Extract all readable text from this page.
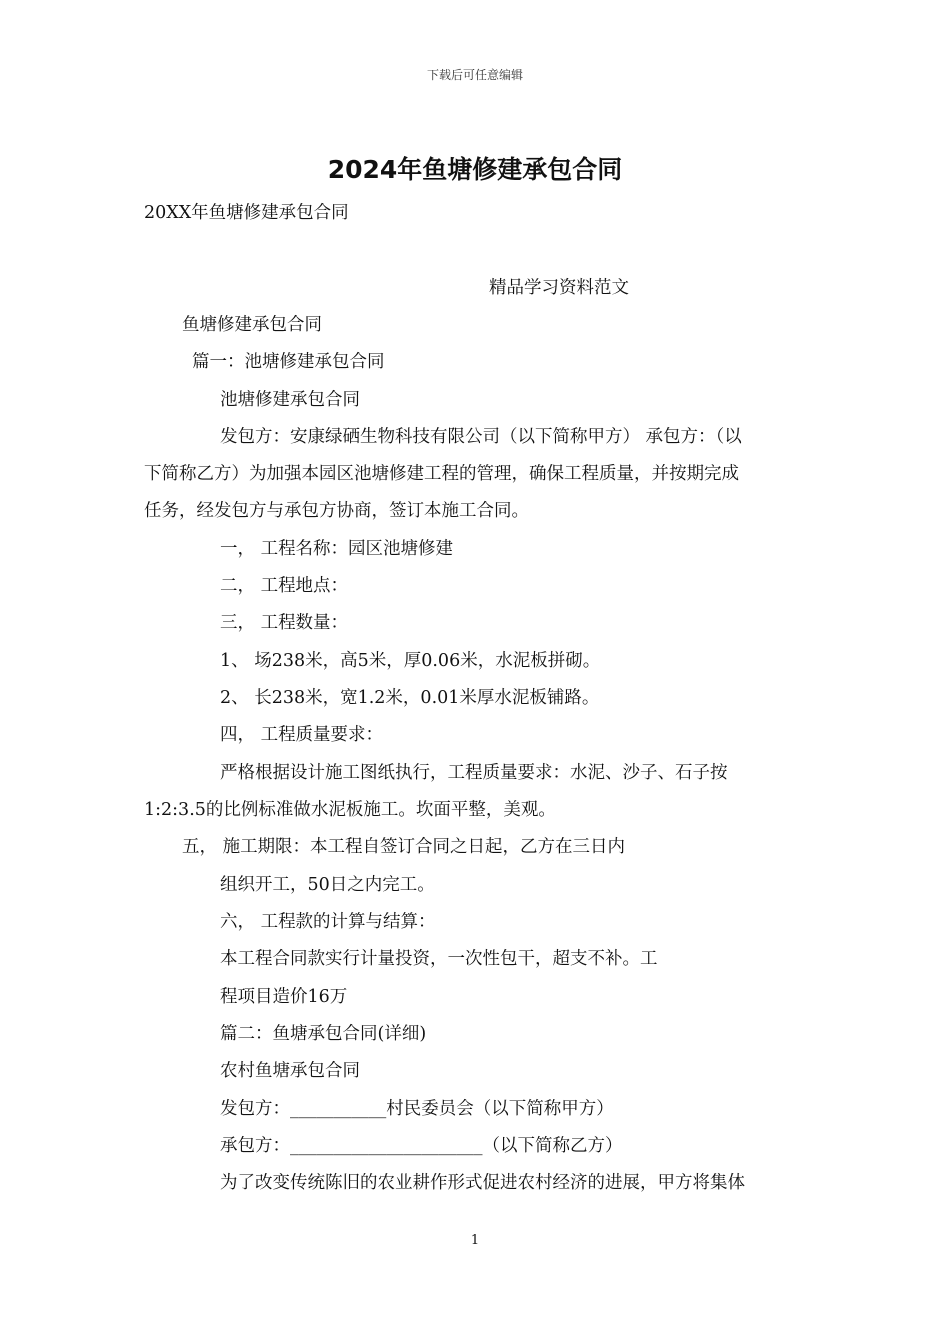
下载后可任意编辑
2024年鱼塘修建承包合同
20XX年鱼塘修建承包合同
精品学习资料范文
鱼塘修建承包合同
篇一：池塘修建承包合同
池塘修建承包合同
发包方：安康绿硒生物科技有限公司（以下简称甲方） 承包方：（以
下简称乙方）为加强本园区池塘修建工程的管理，确保工程质量，并按期完成
任务，经发包方与承包方协商，签订本施工合同。
一， 工程名称：园区池塘修建
二， 工程地点：
三， 工程数量：
1、 场238米，高5米，厚0.06米，水泥板拼砌。
2、 长238米，宽1.2米，0.01米厚水泥板铺路。
四， 工程质量要求：
严格根据设计施工图纸执行，工程质量要求：水泥、沙子、石子按
1:2:3.5的比例标准做水泥板施工。坎面平整，美观。
五， 施工期限：本工程自签订合同之日起，乙方在三日内
组织开工，50日之内完工。
六， 工程款的计算与结算：
本工程合同款实行计量投资，一次性包干，超支不补。工
程项目造价16万
篇二：鱼塘承包合同(详细)
农村鱼塘承包合同
发包方：___________村民委员会（以下简称甲方）
承包方：______________________（以下简称乙方）
为了改变传统陈旧的农业耕作形式促进农村经济的进展，甲方将集体
1
